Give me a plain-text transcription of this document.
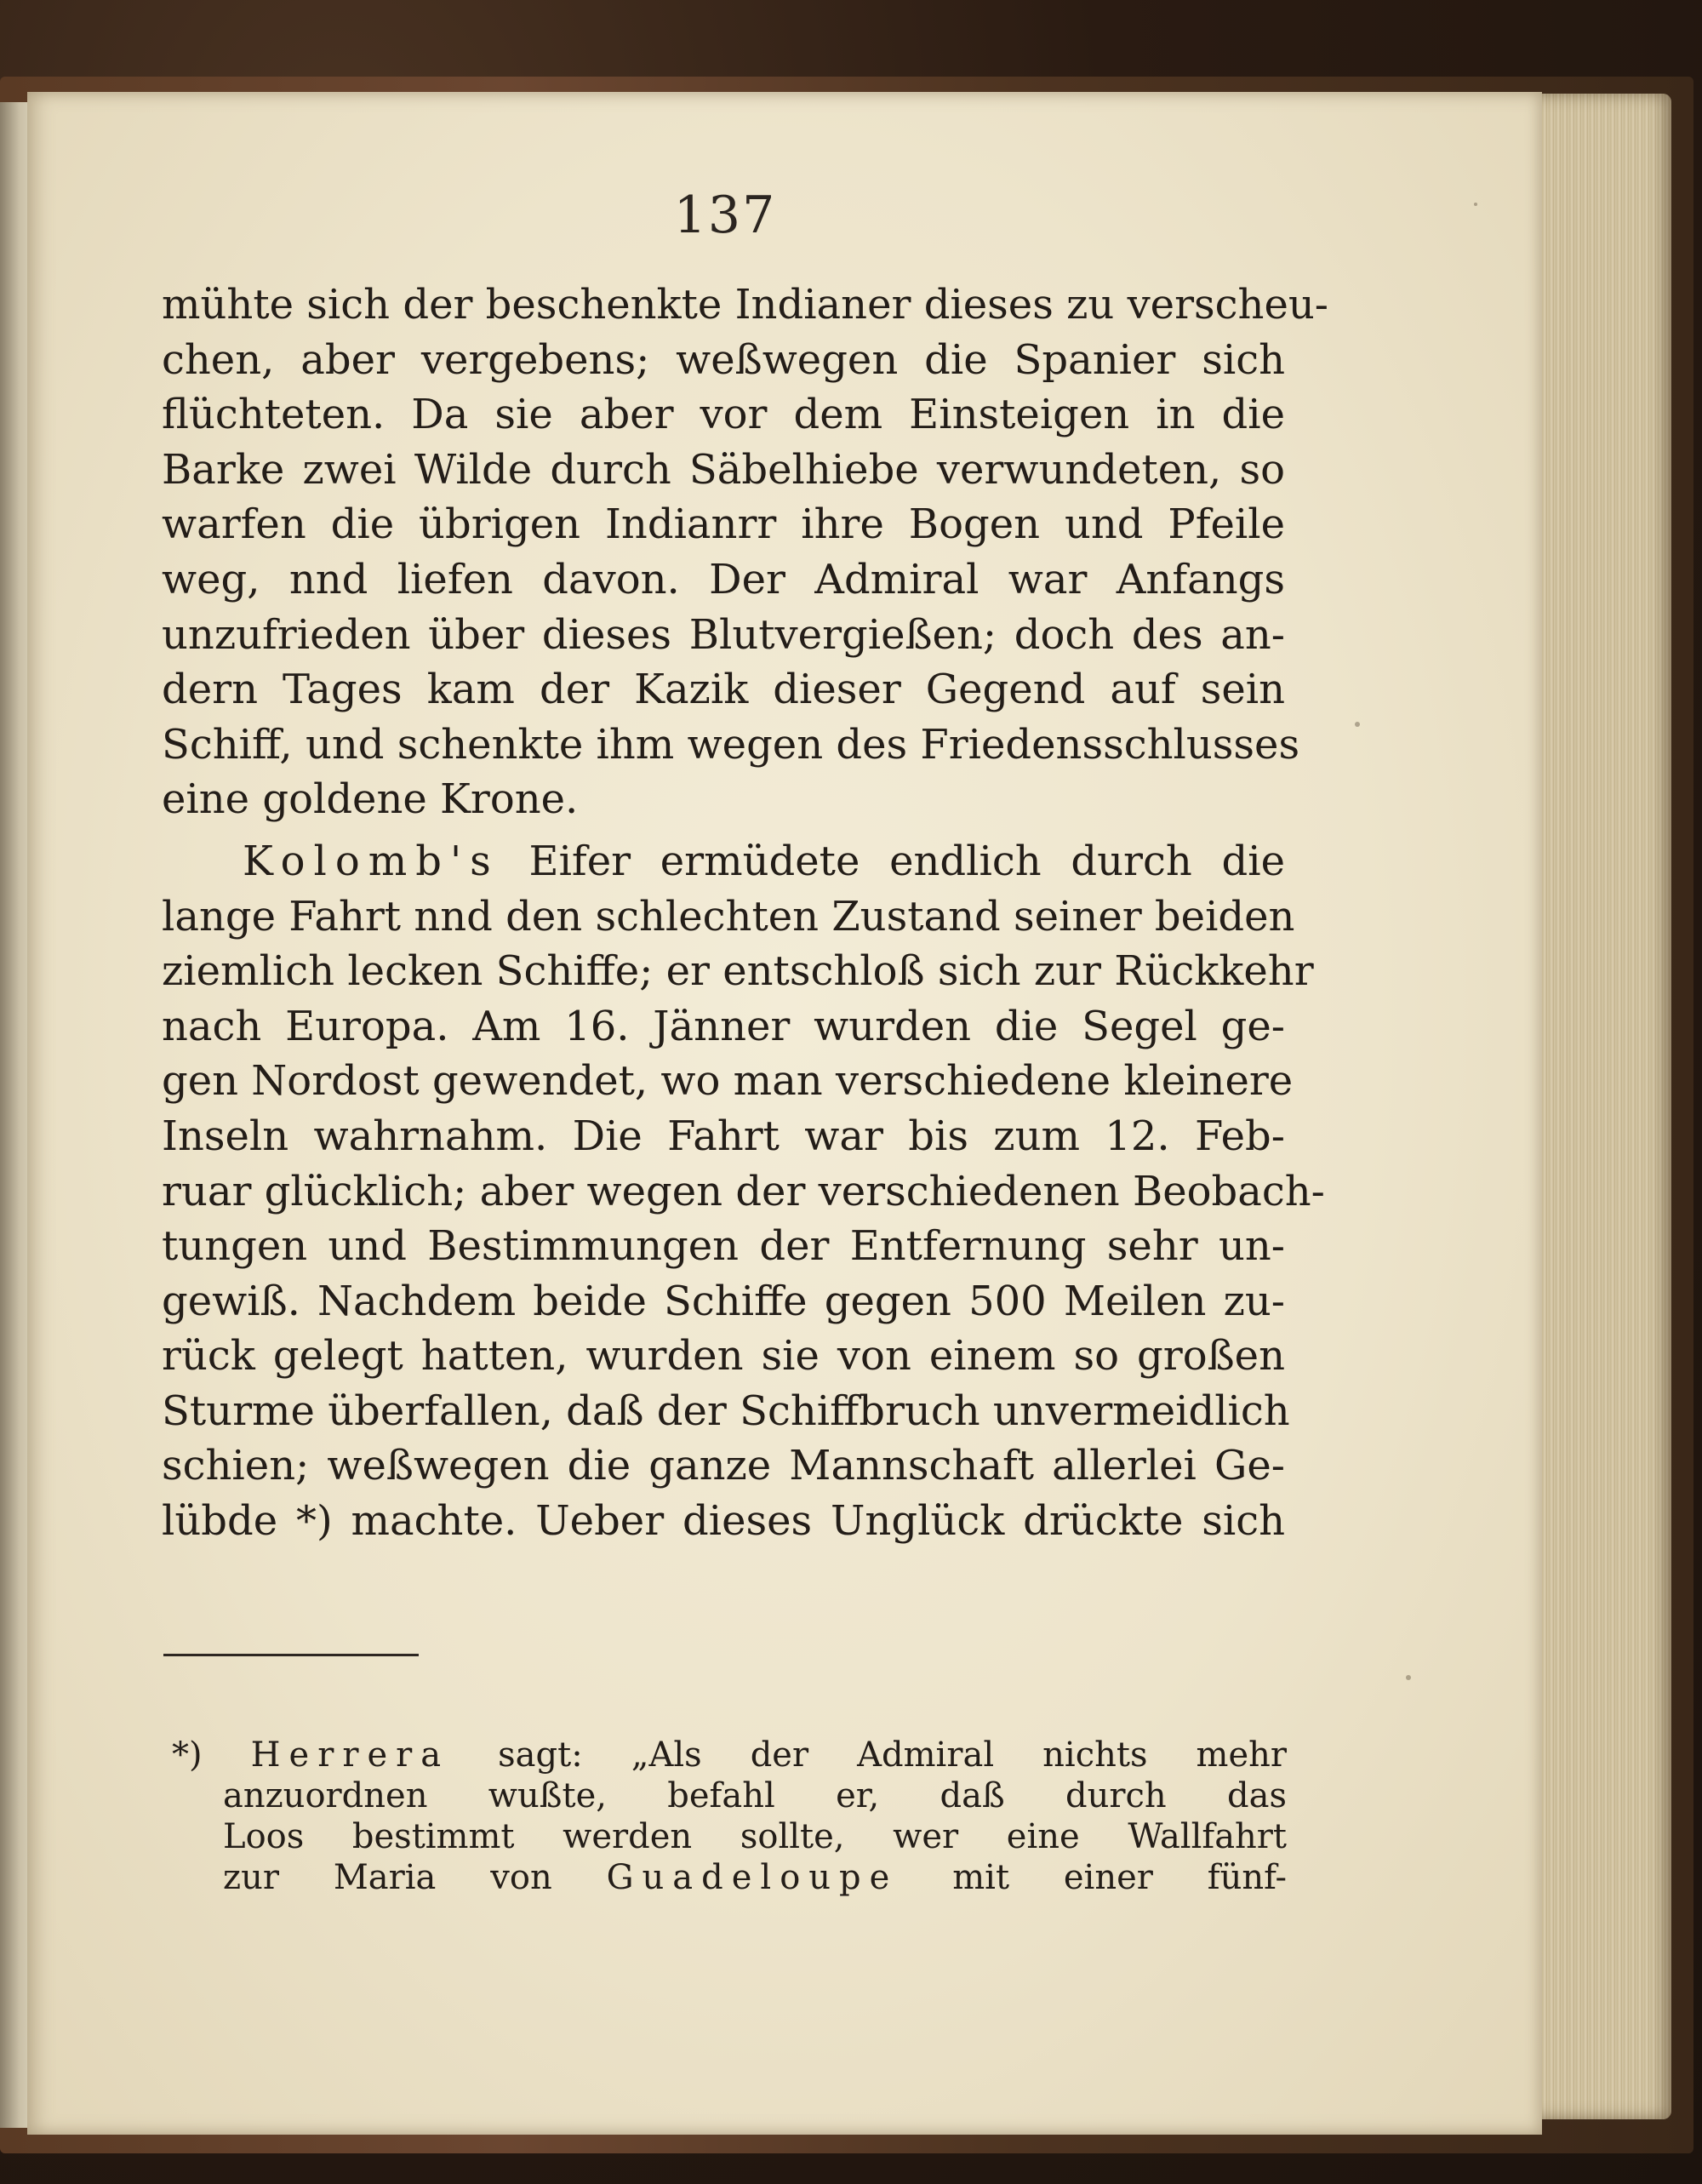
137
mühte sich der beschenkte Indianer dieses zu verscheu-
chen, aber vergebens; weßwegen die Spanier sich
flüchteten. Da sie aber vor dem Einsteigen in die
Barke zwei Wilde durch Säbelhiebe verwundeten, so
warfen die übrigen Indianrr ihre Bogen und Pfeile
weg, nnd liefen davon. Der Admiral war Anfangs
unzufrieden über dieses Blutvergießen; doch des an-
dern Tages kam der Kazik dieser Gegend auf sein
Schiff, und schenkte ihm wegen des Friedensschlusses
eine goldene Krone.
Kolomb's Eifer ermüdete endlich durch die
lange Fahrt nnd den schlechten Zustand seiner beiden
ziemlich lecken Schiffe; er entschloß sich zur Rückkehr
nach Europa. Am 16. Jänner wurden die Segel ge-
gen Nordost gewendet, wo man verschiedene kleinere
Inseln wahrnahm. Die Fahrt war bis zum 12. Feb-
ruar glücklich; aber wegen der verschiedenen Beobach-
tungen und Bestimmungen der Entfernung sehr un-
gewiß. Nachdem beide Schiffe gegen 500 Meilen zu-
rück gelegt hatten, wurden sie von einem so großen
Sturme überfallen, daß der Schiffbruch unvermeidlich
schien; weßwegen die ganze Mannschaft allerlei Ge-
lübde *) machte. Ueber dieses Unglück drückte sich
*) Herrera sagt: „Als der Admiral nichts mehr
anzuordnen wußte, befahl er, daß durch das
Loos bestimmt werden sollte, wer eine Wallfahrt
zur Maria von Guadeloupe mit einer fünf-
